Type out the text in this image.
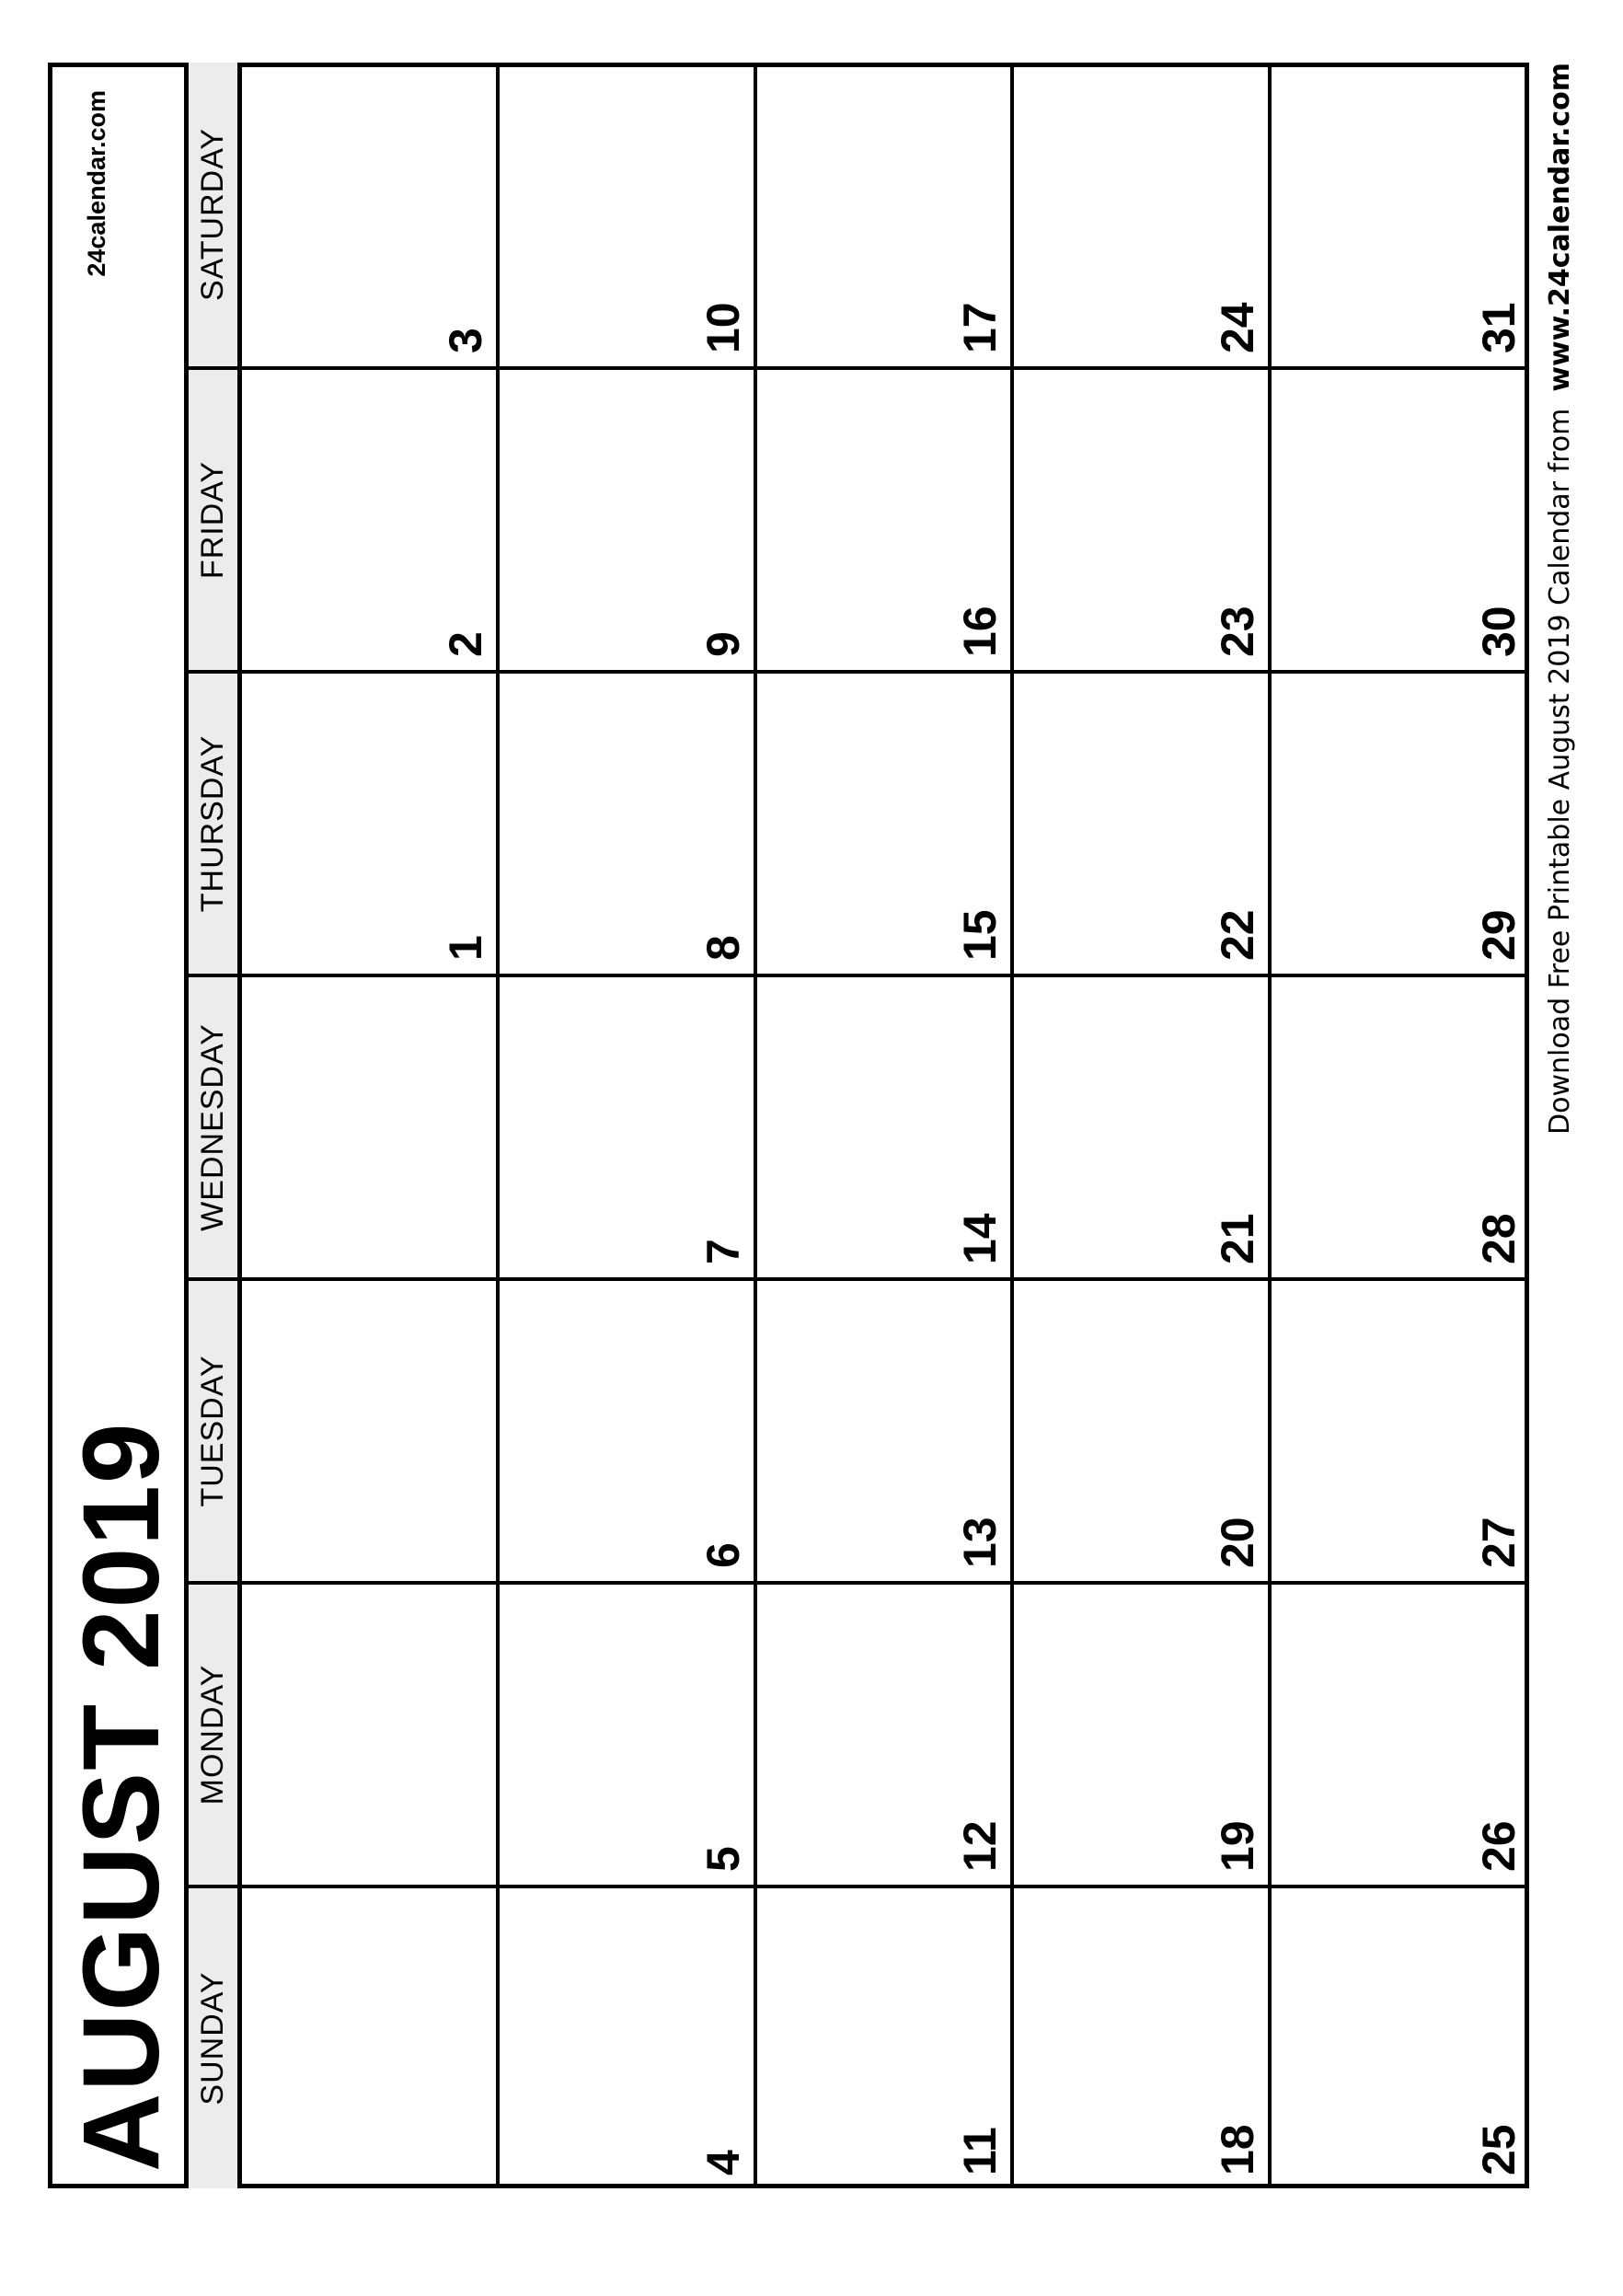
AUGUST 2019
24calendar.com
SUNDAY
MONDAY
TUESDAY
WEDNESDAY
THURSDAY
FRIDAY
SATURDAY
1
2
3
4
5
6
7
8
9
10
11
12
13
14
15
16
17
18
19
20
21
22
23
24
25
26
27
28
29
30
31
Download Free Printable August 2019 Calendar fromwww.24calendar.com
